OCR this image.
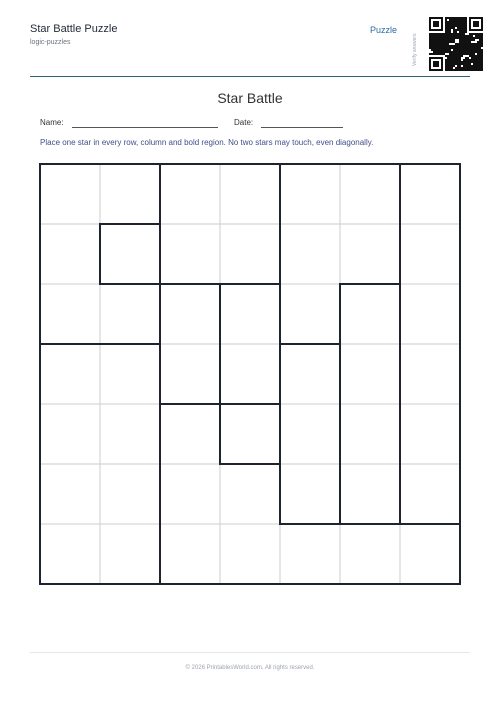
Star Battle Puzzle
logic-puzzles
Puzzle
Verify answers
Star Battle
Name:	Date:
Place one star in every row, column and bold region. No two stars may touch, even diagonally.
© 2026 PrintablesWorld.com. All rights reserved.
